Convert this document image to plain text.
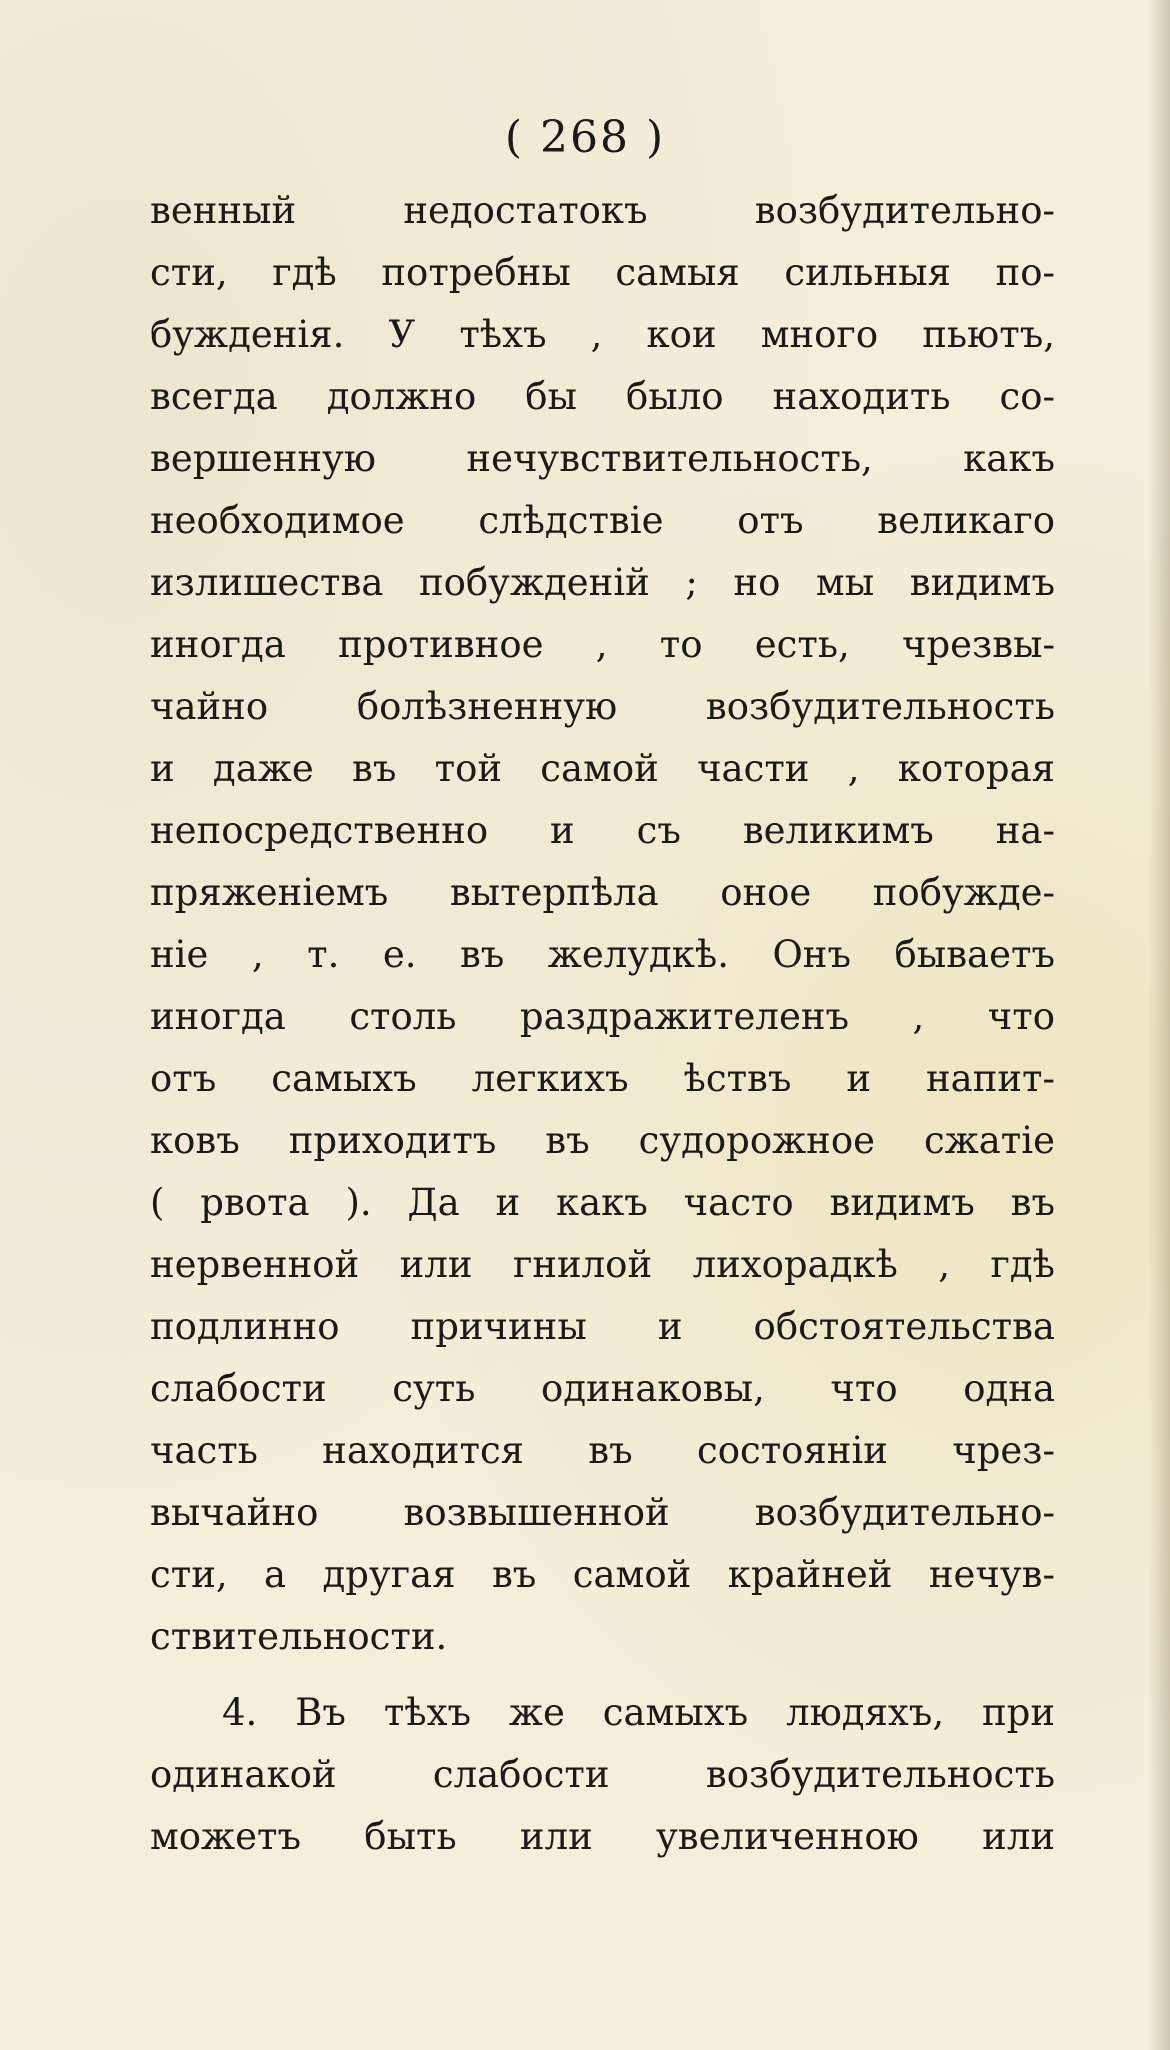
( 268 )
венный недостатокъ возбудительно-
сти, гдѣ потребны самыя сильныя по-
бужденія. У тѣхъ , кои много пьютъ,
всегда должно бы было находить со-
вершенную нечувствительность, какъ
необходимое слѣдствіе отъ великаго
излишества побужденій ; но мы видимъ
иногда противное , то есть, чрезвы-
чайно болѣзненную возбудительность
и даже въ той самой части , которая
непосредственно и съ великимъ на-
пряженіемъ вытерпѣла оное побужде-
ніе , т. е. въ желудкѣ. Онъ бываетъ
иногда столь раздражителенъ , что
отъ самыхъ легкихъ ѣствъ и напит-
ковъ приходитъ въ судорожное сжатіе
( рвота ). Да и какъ часто видимъ въ
нервенной или гнилой лихорадкѣ , гдѣ
подлинно причины и обстоятельства
слабости суть одинаковы, что одна
часть находится въ состояніи чрез-
вычайно возвышенной возбудительно-
сти, а другая въ самой крайней нечув-
ствительности.
4. Въ тѣхъ же самыхъ людяхъ, при
одинакой слабости возбудительность
можетъ быть или увеличенною или
